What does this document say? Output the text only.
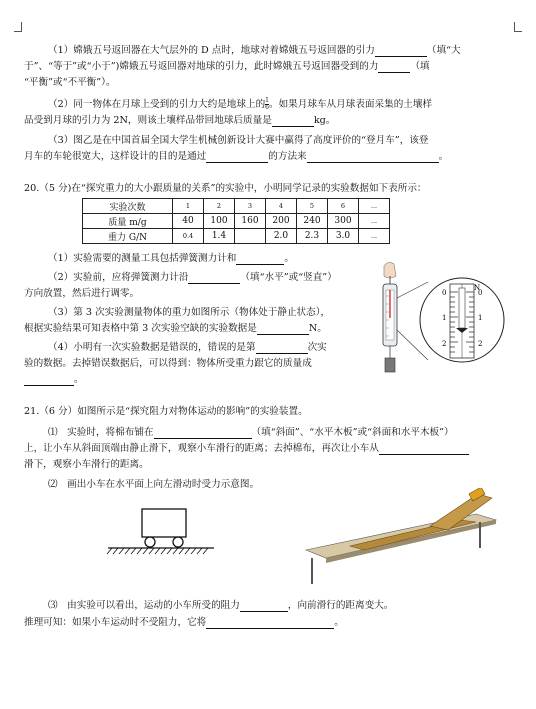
（1）嫦娥五号返回器在大气层外的 D 点时，地球对着嫦娥五号返回器的引力	（填“大
于”、“等于”或“小于”)嫦娥五号返回器对地球的引力，此时嫦娥五号返回器受到的力	（填
“平衡”或“不平衡”）。
（2）同一物体在月球上受到的引力大约是地球上的 $\frac{1}{6}$ 。如果月球车从月球表面采集的土壤样
品受到月球的引力为 2N，则该土壤样品带回地球后质量是	kg。
（3）图乙是在中国首届全国大学生机械创新设计大赛中赢得了高度评价的“登月车”，该登
月车的车轮很宽大，这样设计的目的是通过	的方法来	。
20.（5 分)在“探究重力的大小跟质量的关系”的实验中，小明同学记录的实验数据如下表所示：
实验次数	1	2	3	4	5	6	...
质量 m/g	40	100	160	200	240	300	...
重力 G/N	0.4	1.4		2.0	2.3	3.0	...
（1）实验需要的测量工具包括弹簧测力计和	。
（2）实验前，应将弹簧测力计沿	（填“水平”或“竖直”）
方向放置，然后进行调零。
（3）第 3 次实验测量物体的重力如图所示（物体处于静止状态），
根据实验结果可知表格中第 3 次实验空缺的实验数据是	N。
（4）小明有一次实验数据是错误的，错误的是第	次实
验的数据。去掉错误数据后，可以得到：物体所受重力跟它的质量成
。
N
0	0
1	1
2	2
21.（6 分）如图所示是“探究阻力对物体运动的影响”的实验装置。
⑴　实验时，将棉布铺在	（填“斜面”、“水平木板”或“斜面和水平木板”）
上，让小车从斜面顶端由静止滑下，观察小车滑行的距离；去掉棉布，再次让小车从
滑下，观察小车滑行的距离。
⑵　画出小车在水平面上向左滑动时受力示意图。
⑶　由实验可以看出，运动的小车所受的阻力	，向前滑行的距离变大。
推理可知：如果小车运动时不受阻力，它将	。
